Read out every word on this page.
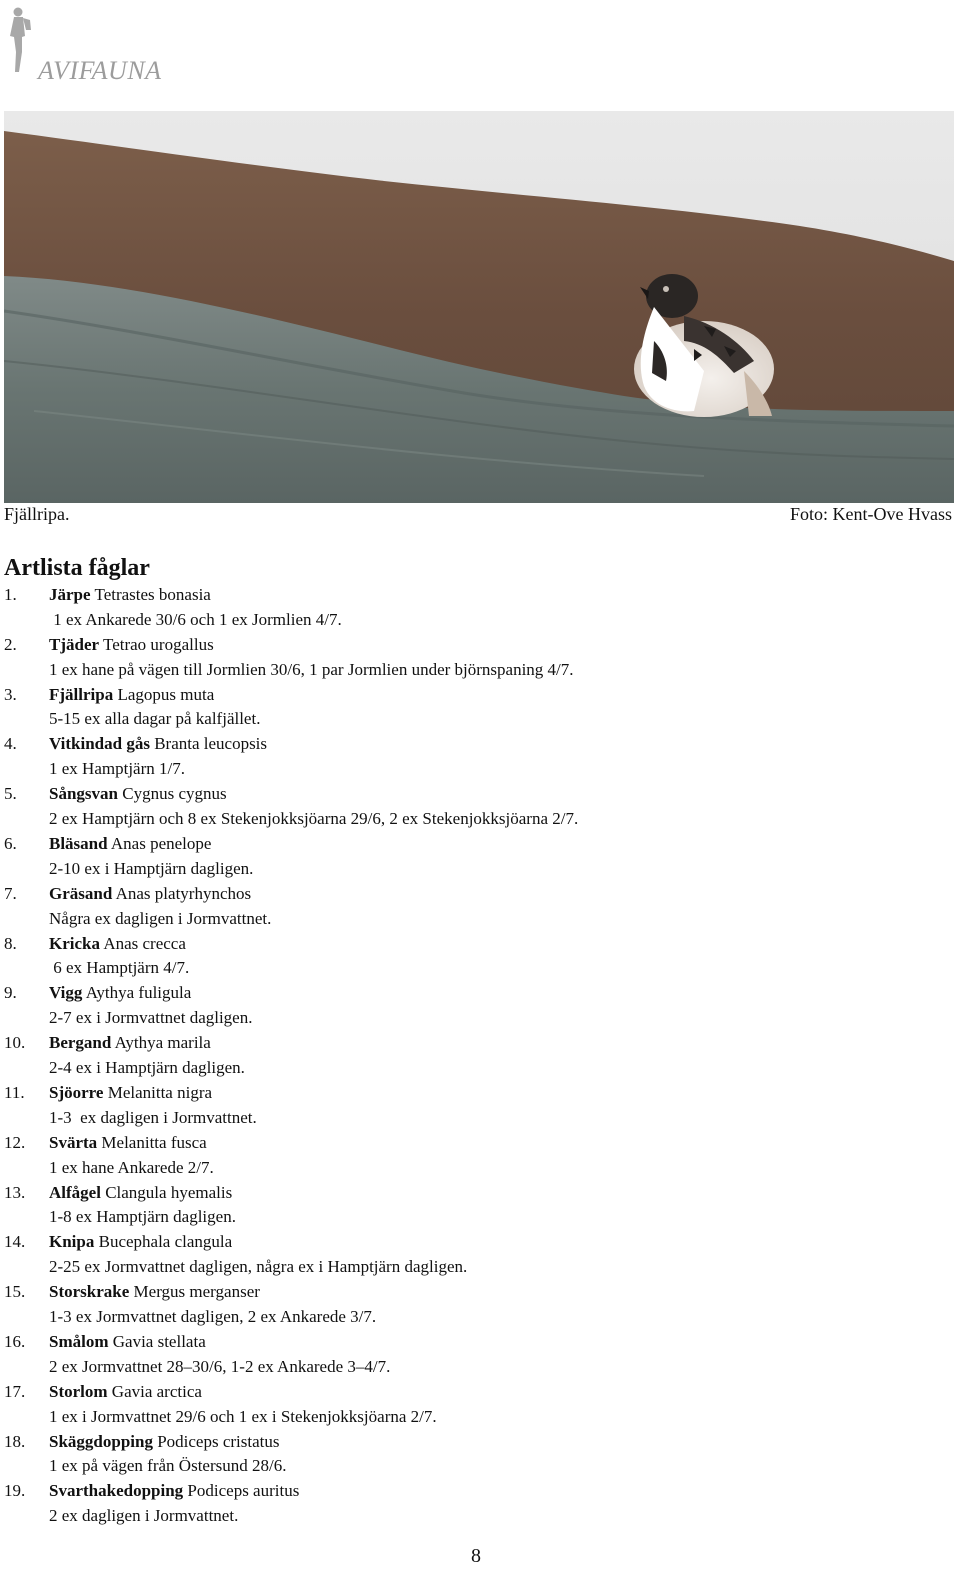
AVIFAUNA
Fjällripa.	Foto: Kent-Ove Hvass
Artlista fåglar
1. Järpe Tetrastes bonasia
1 ex Ankarede 30/6 och 1 ex Jormlien 4/7.
2. Tjäder Tetrao urogallus
1 ex hane på vägen till Jormlien 30/6, 1 par Jormlien under björnspaning 4/7.
3. Fjällripa Lagopus muta
5-15 ex alla dagar på kalfjället.
4. Vitkindad gås Branta leucopsis
1 ex Hamptjärn 1/7.
5. Sångsvan Cygnus cygnus
2 ex Hamptjärn och 8 ex Stekenjokksjöarna 29/6, 2 ex Stekenjokksjöarna 2/7.
6. Bläsand Anas penelope
2-10 ex i Hamptjärn dagligen.
7. Gräsand Anas platyrhynchos
Några ex dagligen i Jormvattnet.
8. Kricka Anas crecca
6 ex Hamptjärn 4/7.
9. Vigg Aythya fuligula
2-7 ex i Jormvattnet dagligen.
10. Bergand Aythya marila
2-4 ex i Hamptjärn dagligen.
11. Sjöorre Melanitta nigra
1-3  ex dagligen i Jormvattnet.
12. Svärta Melanitta fusca
1 ex hane Ankarede 2/7.
13. Alfågel Clangula hyemalis
1-8 ex Hamptjärn dagligen.
14. Knipa Bucephala clangula
2-25 ex Jormvattnet dagligen, några ex i Hamptjärn dagligen.
15. Storskrake Mergus merganser
1-3 ex Jormvattnet dagligen, 2 ex Ankarede 3/7.
16. Smålom Gavia stellata
2 ex Jormvattnet 28–30/6, 1-2 ex Ankarede 3–4/7.
17. Storlom Gavia arctica
1 ex i Jormvattnet 29/6 och 1 ex i Stekenjokksjöarna 2/7.
18. Skäggdopping Podiceps cristatus
1 ex på vägen från Östersund 28/6.
19. Svarthakedopping Podiceps auritus
2 ex dagligen i Jormvattnet.
8
